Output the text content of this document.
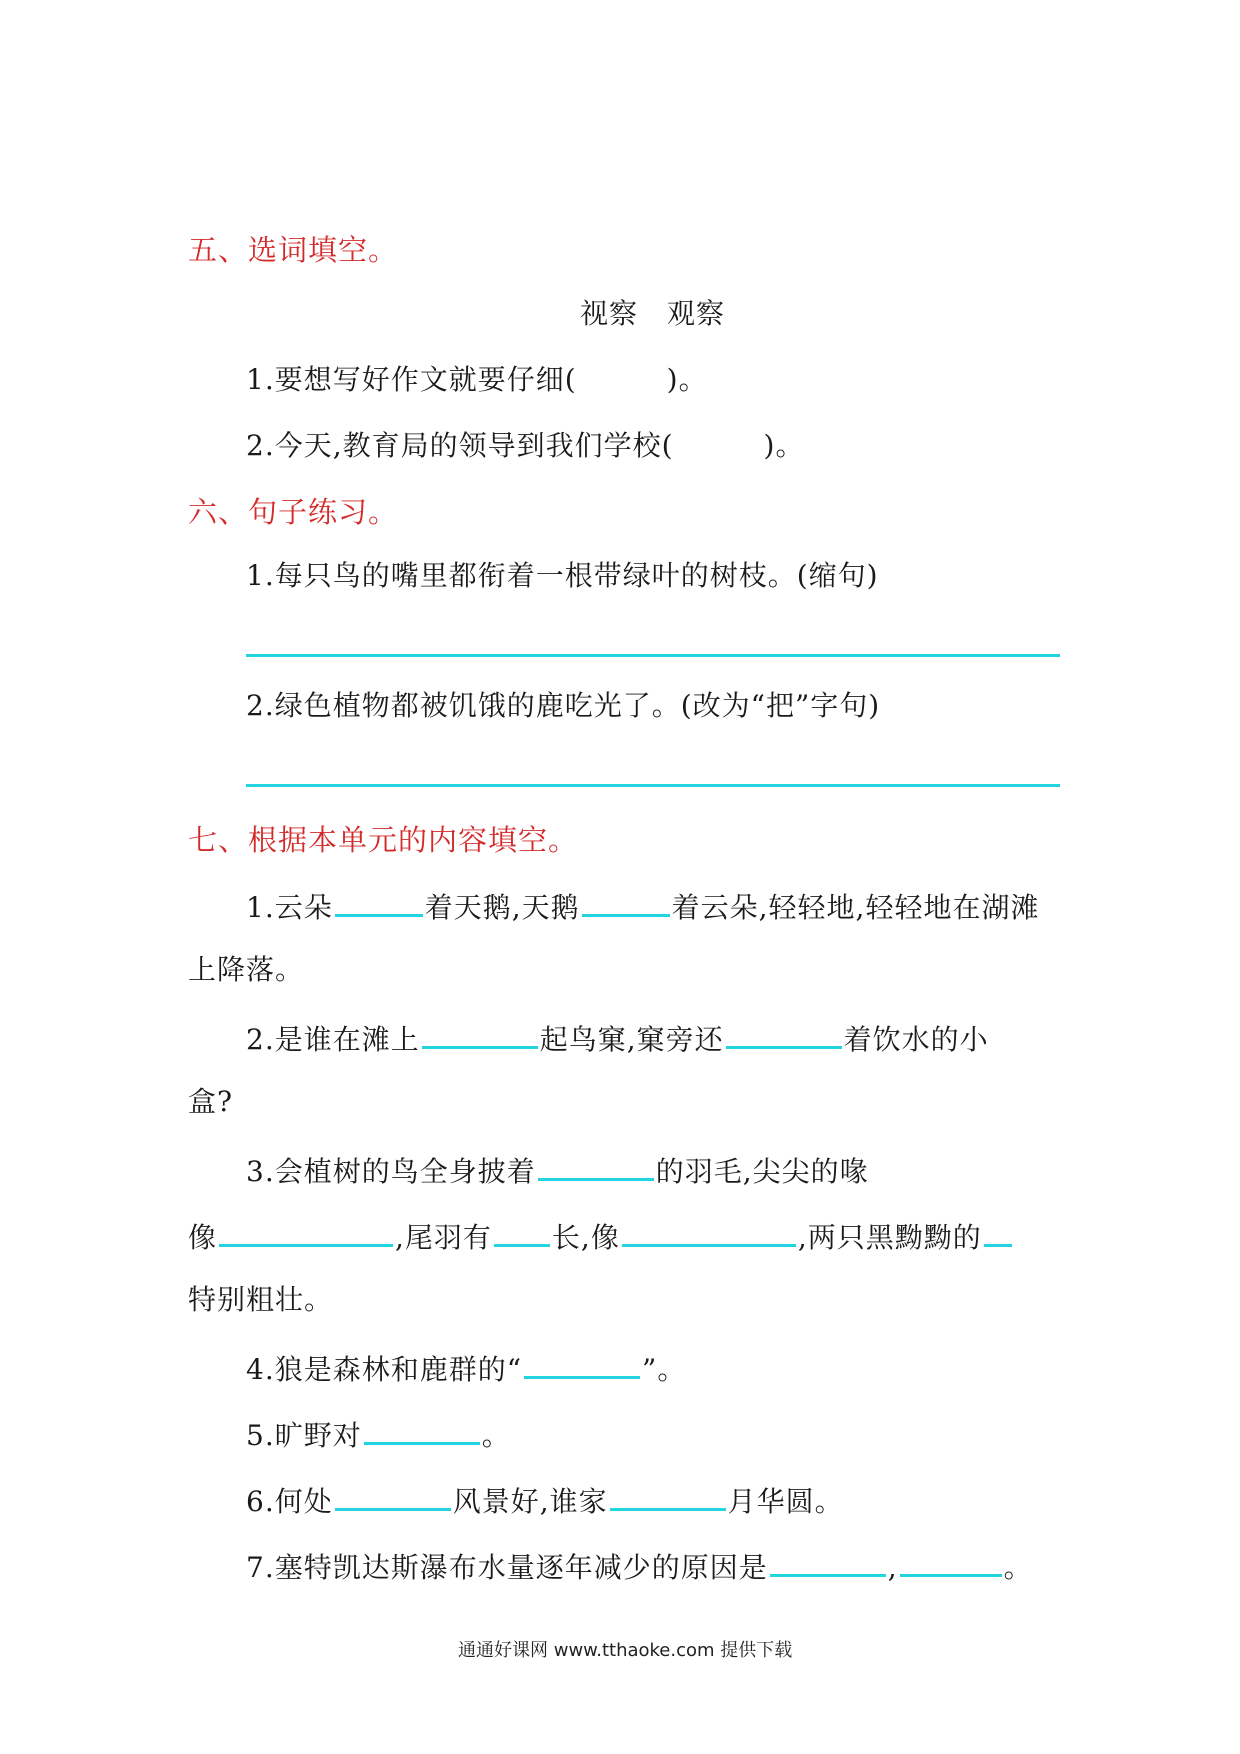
五、选词填空。
视察　观察
1.要想写好作文就要仔细(	)。
2.今天,教育局的领导到我们学校(	)。
六、句子练习。
1.每只鸟的嘴里都衔着一根带绿叶的树枝。(缩句)
2.绿色植物都被饥饿的鹿吃光了。(改为“把”字句)
七、根据本单元的内容填空。
1.云朵	着天鹅,天鹅	着云朵,轻轻地,轻轻地在湖滩
上降落。
2.是谁在滩上	起鸟窠,窠旁还	着饮水的小
盒?
3.会植树的鸟全身披着	的羽毛,尖尖的喙
像	,尾羽有 长,像	,两只黑黝黝的
特别粗壮。
4.狼是森林和鹿群的“	”。
5.旷野对	。
6.何处	风景好,谁家	月华圆。
7.塞特凯达斯瀑布水量逐年减少的原因是	,	。
通通好课网 www.tthaoke.com 提供下载
